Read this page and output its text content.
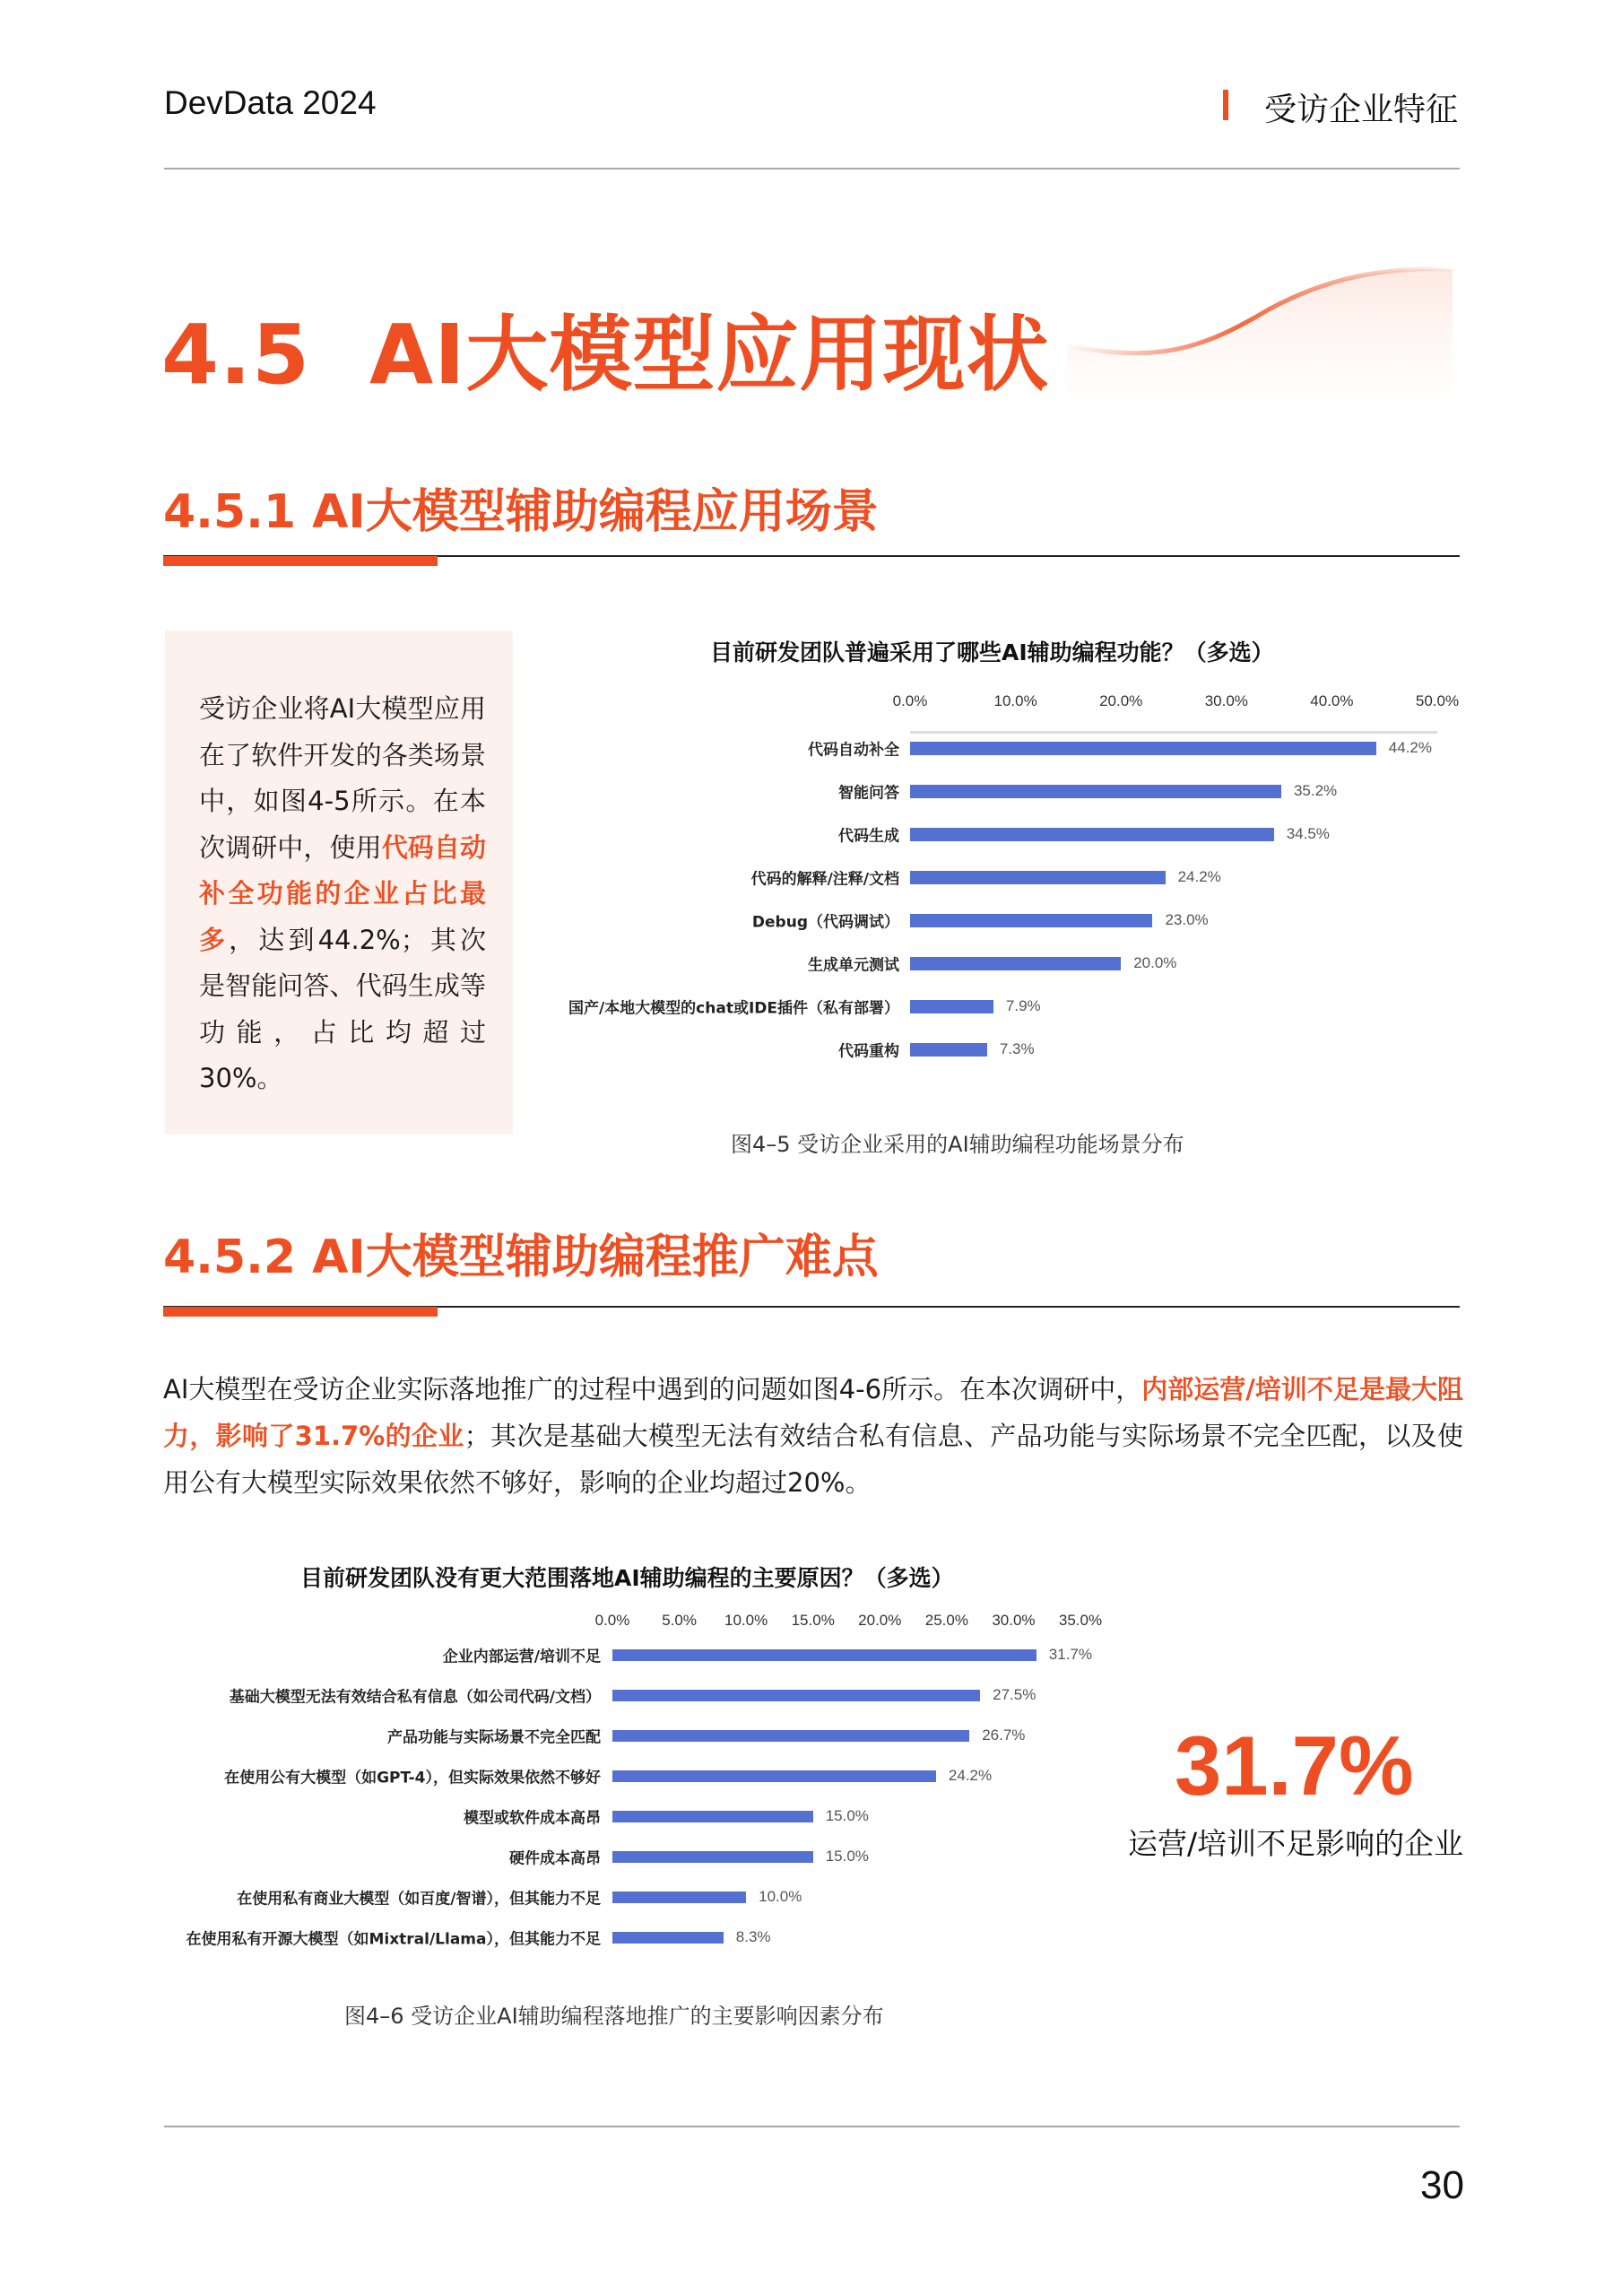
DevData 2024	受访企业特征
4.5  AI大模型应用现状
4.5.1 AI大模型辅助编程应用场景
受访企业将AI大模型应用在了软件开发的各类场景中，如图4-5所示。在本次调研中，使用代码自动补全功能的企业占比最多，达到44.2%；其次是智能问答、代码生成等功能，占比均超过30%。
目前研发团队普遍采用了哪些AI辅助编程功能？（多选）
0.0%	10.0%	20.0%	30.0%	40.0%	50.0%
代码自动补全	44.2%
智能问答	35.2%
代码生成	34.5%
代码的解释/注释/文档	24.2%
Debug（代码调试）	23.0%
生成单元测试	20.0%
国产/本地大模型的chat或IDE插件（私有部署）	7.9%
代码重构	7.3%
图4–5 受访企业采用的AI辅助编程功能场景分布
4.5.2 AI大模型辅助编程推广难点
AI大模型在受访企业实际落地推广的过程中遇到的问题如图4-6所示。在本次调研中，内部运营/培训不足是最大阻力，影响了31.7%的企业；其次是基础大模型无法有效结合私有信息、产品功能与实际场景不完全匹配，以及使用公有大模型实际效果依然不够好，影响的企业均超过20%。
目前研发团队没有更大范围落地AI辅助编程的主要原因？（多选）
0.0% 5.0% 10.0% 15.0% 20.0% 25.0% 30.0% 35.0%
企业内部运营/培训不足	31.7%
基础大模型无法有效结合私有信息（如公司代码/文档）	27.5%
产品功能与实际场景不完全匹配	26.7%
在使用公有大模型（如GPT-4），但实际效果依然不够好	24.2%
模型或软件成本高昂	15.0%
硬件成本高昂	15.0%
在使用私有商业大模型（如百度/智谱），但其能力不足	10.0%
在使用私有开源大模型（如Mixtral/Llama），但其能力不足	8.3%
图4–6 受访企业AI辅助编程落地推广的主要影响因素分布
31.7%
运营/培训不足影响的企业
30
